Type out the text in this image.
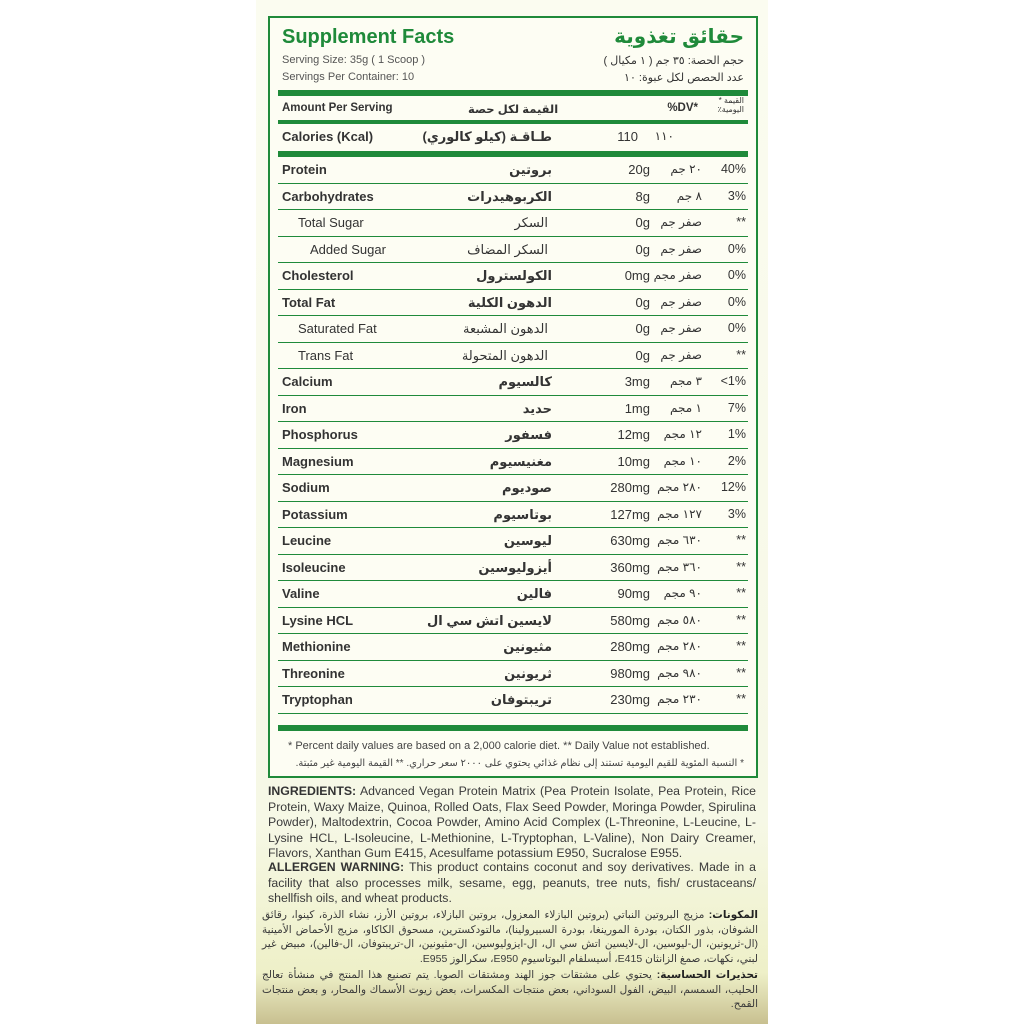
Supplement Facts	حقائق تغذوية
Serving Size: 35g ( 1 Scoop )	حجم الحصة: ٣٥ جم ( ١ مكيال )
Servings Per Container: 10	عدد الحصص لكل عبوة: ١٠
Amount Per Serving	القيمة لكل حصة	%DV*
القيمة * اليومية٪
Calories (Kcal)	طـاقـة (كيلو كالوري)	110 ١١٠
Protein	بروتين	20g ٢٠ جم 40%
Carbohydrates	الكربوهيدرات	8g ٨ جم 3%
Total Sugar	السكر	0g صفر جم	**
Added Sugar	السكر المضاف	0g صفر جم 0%
Cholesterol	الكولسترول	0mg صفر مجم 0%
Total Fat	الدهون الكلية	0g صفر جم 0%
Saturated Fat	الدهون المشبعة	0g صفر جم 0%
Trans Fat	الدهون المتحولة	0g صفر جم	**
Calcium	كالسيوم	3mg ٣ مجم <1%
Iron	حديد	1mg ١ مجم 7%
Phosphorus	فسفور	12mg ١٢ مجم 1%
Magnesium	مغنيسيوم	10mg ١٠ مجم 2%
Sodium	صوديوم	280mg ٢٨٠ مجم 12%
Potassium	بوتاسيوم	127mg ١٢٧ مجم 3%
Leucine	ليوسين	630mg ٦٣٠ مجم	**
Isoleucine	أيزوليوسين	360mg ٣٦٠ مجم	**
Valine	فالين	90mg ٩٠ مجم	**
Lysine HCL	لايسين اتش سي ال	580mg ٥٨٠ مجم	**
Methionine	مثيونين	280mg ٢٨٠ مجم	**
Threonine	ثريونين	980mg ٩٨٠ مجم	**
Tryptophan	تريبتوفان	230mg ٢٣٠ مجم	**
* Percent daily values are based on a 2,000 calorie diet. ** Daily Value not established.
* النسبة المئوية للقيم اليومية تستند إلى نظام غذائي يحتوي على ٢٠٠٠ سعر حراري. ** القيمة اليومية غير مثبتة.
INGREDIENTS: Advanced Vegan Protein Matrix (Pea Protein Isolate, Pea Protein, Rice Protein, Waxy Maize, Quinoa, Rolled Oats, Flax Seed Powder, Moringa Powder, Spirulina Powder), Maltodextrin, Cocoa Powder, Amino Acid Complex (L-Threonine, L-Leucine, L-Lysine HCL, L-Isoleucine, L-Methionine, L-Tryptophan, L-Valine), Non Dairy Creamer, Flavors, Xanthan Gum E415, Acesulfame potassium E950, Sucralose E955.
ALLERGEN WARNING: This product contains coconut and soy derivatives. Made in a facility that also processes milk, sesame, egg, peanuts, tree nuts, fish/ crustaceans/ shellfish oils, and wheat products.
المكونات: مزيج البروتين النباتي (بروتين البازلاء المعزول، بروتين البازلاء، بروتين الأرز، نشاء الذرة، كينوا، رقائق الشوفان، بذور الكتان، بودرة المورينغا، بودرة السبيرولينا)، مالتودكسترين، مسحوق الكاكاو، مزيج الأحماض الأمينية (ال-ثريونين، ال-ليوسين، ال-لايسين اتش سي ال، ال-ايزوليوسين، ال-مثيونين، ال-تريبتوفان، ال-فالين)، مبيض غير لبني، نكهات، صمغ الزانثان E415، أسيسلفام البوتاسيوم E950، سكرالوز E955.
تحذيرات الحساسية: يحتوي على مشتقات جوز الهند ومشتقات الصويا. يتم تصنيع هذا المنتج في منشأة تعالج الحليب، السمسم، البيض، الفول السوداني، بعض منتجات المكسرات، بعض زيوت الأسماك والمحار، و بعض منتجات القمح.
